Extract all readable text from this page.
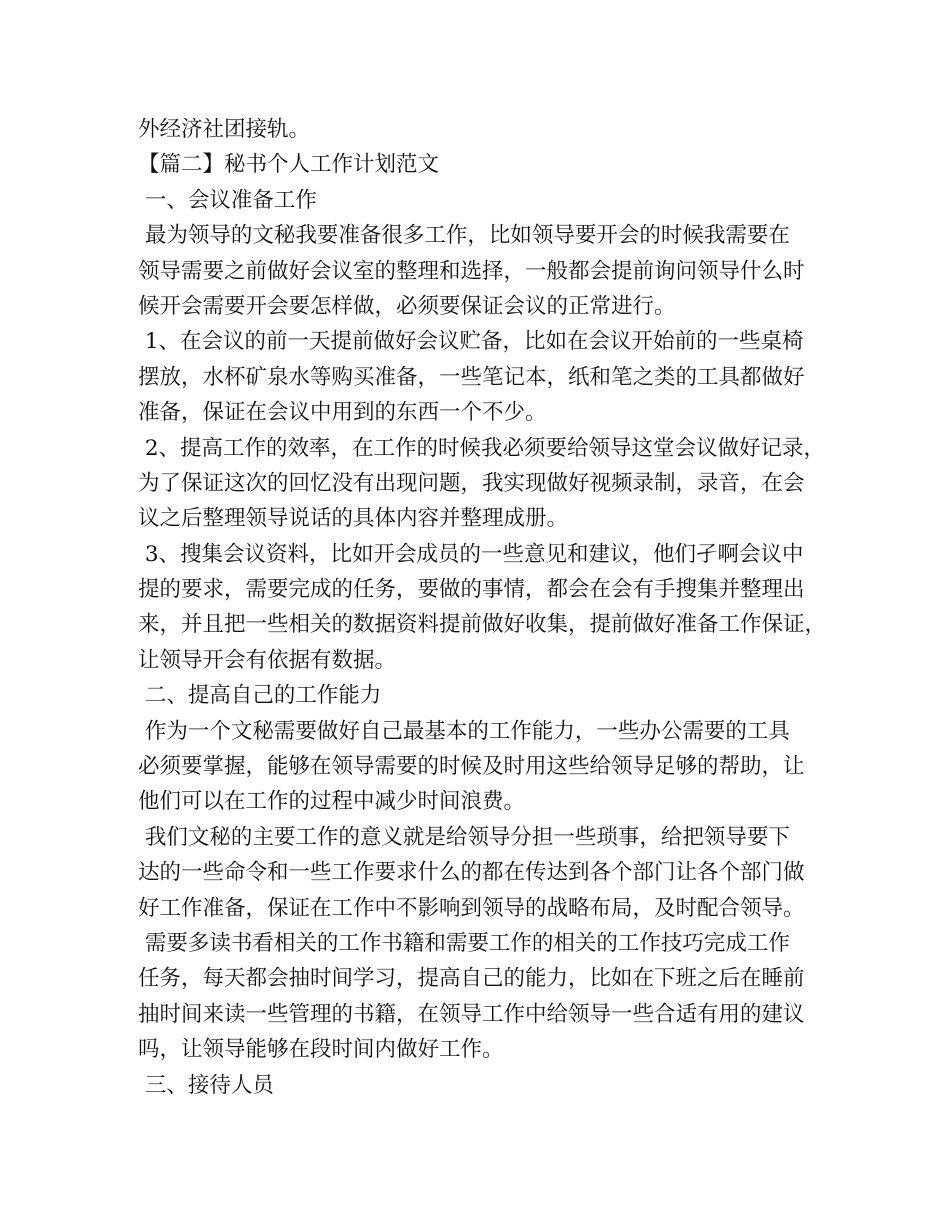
外经济社团接轨。
【篇二】秘书个人工作计划范文
一、会议准备工作
最为领导的文秘我要准备很多工作，比如领导要开会的时候我需要在
领导需要之前做好会议室的整理和选择，一般都会提前询问领导什么时
候开会需要开会要怎样做，必须要保证会议的正常进行。
1、在会议的前一天提前做好会议贮备，比如在会议开始前的一些桌椅
摆放，水杯矿泉水等购买准备，一些笔记本，纸和笔之类的工具都做好
准备，保证在会议中用到的东西一个不少。
2、提高工作的效率，在工作的时候我必须要给领导这堂会议做好记录，
为了保证这次的回忆没有出现问题，我实现做好视频录制，录音，在会
议之后整理领导说话的具体内容并整理成册。
3、搜集会议资料，比如开会成员的一些意见和建议，他们孑啊会议中
提的要求，需要完成的任务，要做的事情，都会在会有手搜集并整理出
来，并且把一些相关的数据资料提前做好收集，提前做好准备工作保证，
让领导开会有依据有数据。
二、提高自己的工作能力
作为一个文秘需要做好自己最基本的工作能力，一些办公需要的工具
必须要掌握，能够在领导需要的时候及时用这些给领导足够的帮助，让
他们可以在工作的过程中减少时间浪费。
我们文秘的主要工作的意义就是给领导分担一些琐事，给把领导要下
达的一些命令和一些工作要求什么的都在传达到各个部门让各个部门做
好工作准备，保证在工作中不影响到领导的战略布局，及时配合领导。
需要多读书看相关的工作书籍和需要工作的相关的工作技巧完成工作
任务，每天都会抽时间学习，提高自己的能力，比如在下班之后在睡前
抽时间来读一些管理的书籍，在领导工作中给领导一些合适有用的建议
吗，让领导能够在段时间内做好工作。
三、接待人员
